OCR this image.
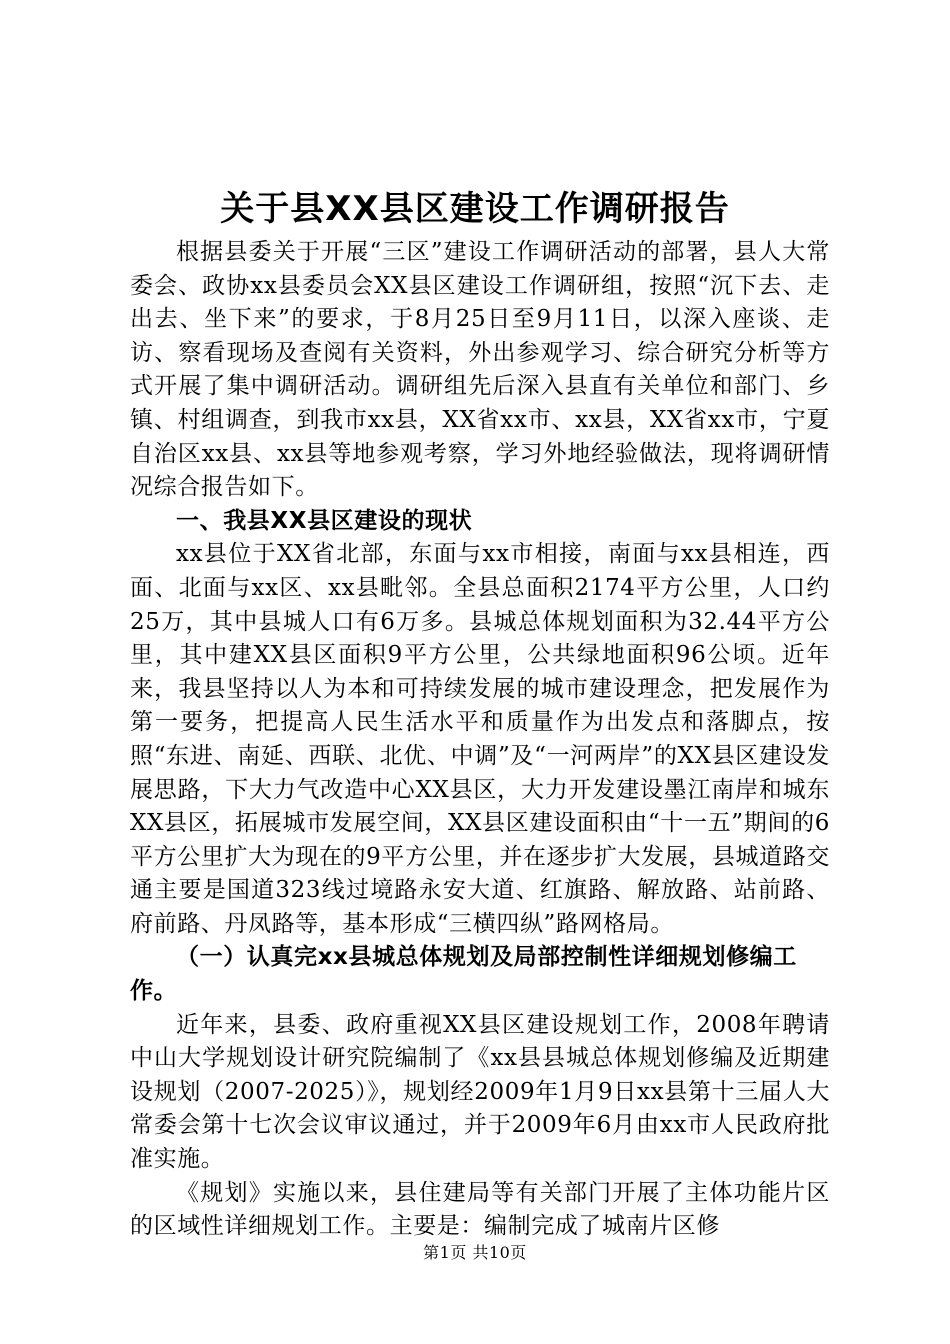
关于县XX县区建设工作调研报告

根据县委关于开展“三区”建设工作调研活动的部署，县人大常委会、政协xx县委员会XX县区建设工作调研组，按照“沉下去、走出去、坐下来”的要求，于8月25日至9月11日，以深入座谈、走访、察看现场及查阅有关资料，外出参观学习、综合研究分析等方式开展了集中调研活动。调研组先后深入县直有关单位和部门、乡镇、村组调查，到我市xx县，XX省xx市、xx县，XX省xx市，宁夏自治区xx县、xx县等地参观考察，学习外地经验做法，现将调研情况综合报告如下。

一、我县XX县区建设的现状

xx县位于XX省北部，东面与xx市相接，南面与xx县相连，西面、北面与xx区、xx县毗邻。全县总面积2174平方公里，人口约25万，其中县城人口有6万多。县城总体规划面积为32.44平方公里，其中建XX县区面积9平方公里，公共绿地面积96公顷。近年来，我县坚持以人为本和可持续发展的城市建设理念，把发展作为第一要务，把提高人民生活水平和质量作为出发点和落脚点，按照“东进、南延、西联、北优、中调”及“一河两岸”的XX县区建设发展思路，下大力气改造中心XX县区，大力开发建设墨江南岸和城东XX县区，拓展城市发展空间，XX县区建设面积由“十一五”期间的6平方公里扩大为现在的9平方公里，并在逐步扩大发展，县城道路交通主要是国道323线过境路永安大道、红旗路、解放路、站前路、府前路、丹凤路等，基本形成“三横四纵”路网格局。

（一）认真完xx县城总体规划及局部控制性详细规划修编工作。

近年来，县委、政府重视XX县区建设规划工作，2008年聘请中山大学规划设计研究院编制了《xx县县城总体规划修编及近期建设规划（2007-2025）》，规划经2009年1月9日xx县第十三届人大常委会第十七次会议审议通过，并于2009年6月由xx市人民政府批准实施。

《规划》实施以来，县住建局等有关部门开展了主体功能片区的区域性详细规划工作。主要是：编制完成了城南片区修

第1页 共10页
